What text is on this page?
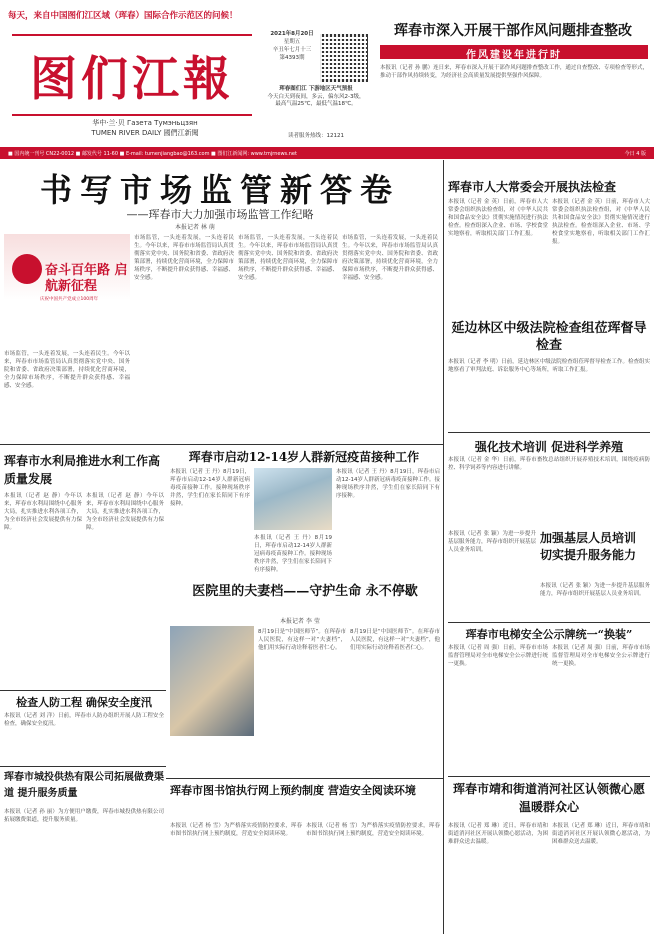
每天，来自中国图们江区域（珲春）国际合作示范区的问候！
图们江報
华中·兰·贝 Газета Тумэньцзян
TUMEN RIVER DAILY 國們江新聞
2021年8月20日
星期五
辛丑年七月十三
第4393期
珲春图们江 下游地区天气预报
今天白天到夜间，多云，偏东风2-3级，最高气温25℃，最低气温18℃。
读者服务热线：12121
■ 国内统一刊号 CN22-0012 ■ 邮发代号 11-60 ■ E-mail: tumenjiangbao@163.com ■ 图们江新闻网: www.tmjrnews.net	今日 4 版
珲春市深入开展干部作风问题排查整改
作风建设年进行时
本报讯（记者 孙 鹏）连日来，珲春市深入开展干部作风问题排查整改工作，通过自查整改、专项检查等形式，推动干部作风持续转变，为经济社会高质量发展提供坚强作风保障。
书写市场监管新答卷
——珲春市大力加强市场监管工作纪略
本报记者 林 萌
奋斗百年路 启航新征程
庆祝中国共产党成立100周年
市场监管，一头连着发展，一头连着民生。今年以来，珲春市市场监管局认真贯彻落实党中央、国务院和省委、省政府决策部署，持续优化营商环境，全力保障市场秩序，不断提升群众获得感、幸福感、安全感。
市场监管，一头连着发展，一头连着民生。今年以来，珲春市市场监管局认真贯彻落实党中央、国务院和省委、省政府决策部署，持续优化营商环境，全力保障市场秩序，不断提升群众获得感、幸福感、安全感。
市场监管，一头连着发展，一头连着民生。今年以来，珲春市市场监管局认真贯彻落实党中央、国务院和省委、省政府决策部署，持续优化营商环境，全力保障市场秩序，不断提升群众获得感、幸福感、安全感。
市场监管，一头连着发展，一头连着民生。今年以来，珲春市市场监管局认真贯彻落实党中央、国务院和省委、省政府决策部署，持续优化营商环境，全力保障市场秩序，不断提升群众获得感、幸福感、安全感。
珲春市人大常委会开展执法检查
本报讯（记者 金 英）日前，珲春市人大常委会组织执法检查组，对《中华人民共和国食品安全法》贯彻实施情况进行执法检查。检查组深入企业、市场、学校食堂实地察看，听取相关部门工作汇报。
本报讯（记者 金 英）日前，珲春市人大常委会组织执法检查组，对《中华人民共和国食品安全法》贯彻实施情况进行执法检查。检查组深入企业、市场、学校食堂实地察看，听取相关部门工作汇报。
延边林区中级法院检查组莅珲督导检查
本报讯（记者 李 明）日前，延边林区中级法院检查组莅珲督导检查工作。检查组实地察看了审判法庭、诉讼服务中心等场所，听取工作汇报。
强化技术培训 促进科学养殖
本报讯（记者 金 华）日前，珲春市畜牧总站组织开展养殖技术培训，围绕疫病防控、科学饲养等内容进行讲解。
加强基层人员培训 切实提升服务能力
本报讯（记者 张 颖）为进一步提升基层服务能力，珲春市组织开展基层人员业务培训。
本报讯（记者 张 颖）为进一步提升基层服务能力，珲春市组织开展基层人员业务培训。
珲春市电梯安全公示牌统一“换装”
本报讯（记者 周 强）日前，珲春市市场监督管理局对全市电梯安全公示牌进行统一更换。
本报讯（记者 周 强）日前，珲春市市场监督管理局对全市电梯安全公示牌进行统一更换。
珲春市靖和街道消河社区认领微心愿 温暖群众心
本报讯（记者 郑 琳）近日，珲春市靖和街道消河社区开展认领微心愿活动，为困难群众送去温暖。
本报讯（记者 郑 琳）近日，珲春市靖和街道消河社区开展认领微心愿活动，为困难群众送去温暖。
珲春市水利局推进水利工作高质量发展
本报讯（记者 赵 静）今年以来，珲春市水利局围绕中心服务大局，扎实推进水利各项工作，为全市经济社会发展提供有力保障。
本报讯（记者 赵 静）今年以来，珲春市水利局围绕中心服务大局，扎实推进水利各项工作，为全市经济社会发展提供有力保障。
珲春市启动12-14岁人群新冠疫苗接种工作
本报讯（记者 王 丹）8月19日，珲春市启动12-14岁人群新冠病毒疫苗接种工作。接种现场秩序井然，学生们在家长陪同下有序接种。
本报讯（记者 王 丹）8月19日，珲春市启动12-14岁人群新冠病毒疫苗接种工作。接种现场秩序井然，学生们在家长陪同下有序接种。
本报讯（记者 王 丹）8月19日，珲春市启动12-14岁人群新冠病毒疫苗接种工作。接种现场秩序井然，学生们在家长陪同下有序接种。
医院里的夫妻档——守护生命 永不停歇
本报记者 李 莹
8月19日是“中国医师节”。在珲春市人民医院，有这样一对“夫妻档”，他们用实际行动诠释着医者仁心。
8月19日是“中国医师节”。在珲春市人民医院，有这样一对“夫妻档”，他们用实际行动诠释着医者仁心。
检查人防工程 确保安全度汛
本报讯（记者 刘 洋）日前，珲春市人防办组织开展人防工程安全检查，确保安全度汛。
珲春市城投供热有限公司拓展做费渠道 提升服务质量
本报讯（记者 孙 丽）为方便用户缴费，珲春市城投供热有限公司拓展缴费渠道，提升服务质量。
珲春市图书馆执行网上预约制度 营造安全阅读环境
本报讯（记者 杨 雪）为严格落实疫情防控要求，珲春市图书馆执行网上预约制度，营造安全阅读环境。
本报讯（记者 杨 雪）为严格落实疫情防控要求，珲春市图书馆执行网上预约制度，营造安全阅读环境。
